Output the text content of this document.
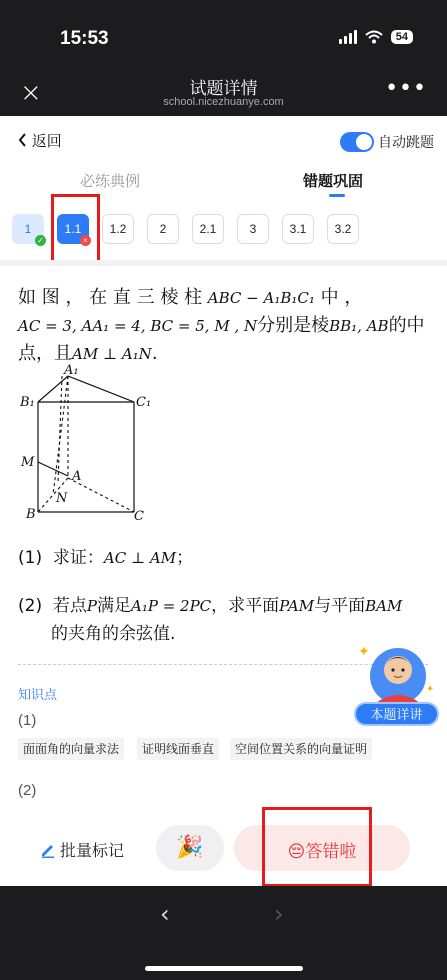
15:53	54
×	试题详情
school.nicezhuanye.com
•••
返回	自动跳题
必练典例	错题巩固
1
✓
1.1
×
1.2	2	2.1	3	3.1	3.2
如 图 ， 在 直 三 棱 柱 ABC − A₁B₁C₁ 中 ，
AC = 3, AA₁ = 4, BC = 5, M , N分别是棱BB₁, AB的中
点，且AM ⊥ A₁N.
A₁
B₁	C₁
M
A
N
B	C
(1) 求证：AC ⊥ AM；
(2) 若点P满足A₁P = 2PC，求平面PAM与平面BAM
的夹角的余弦值.
知识点
(1)
面面角的向量求法	证明线面垂直	空间位置关系的向量证明
(2)
✦
✦
本题详讲
批量标记	🎉	😔答错啦
‹	›
